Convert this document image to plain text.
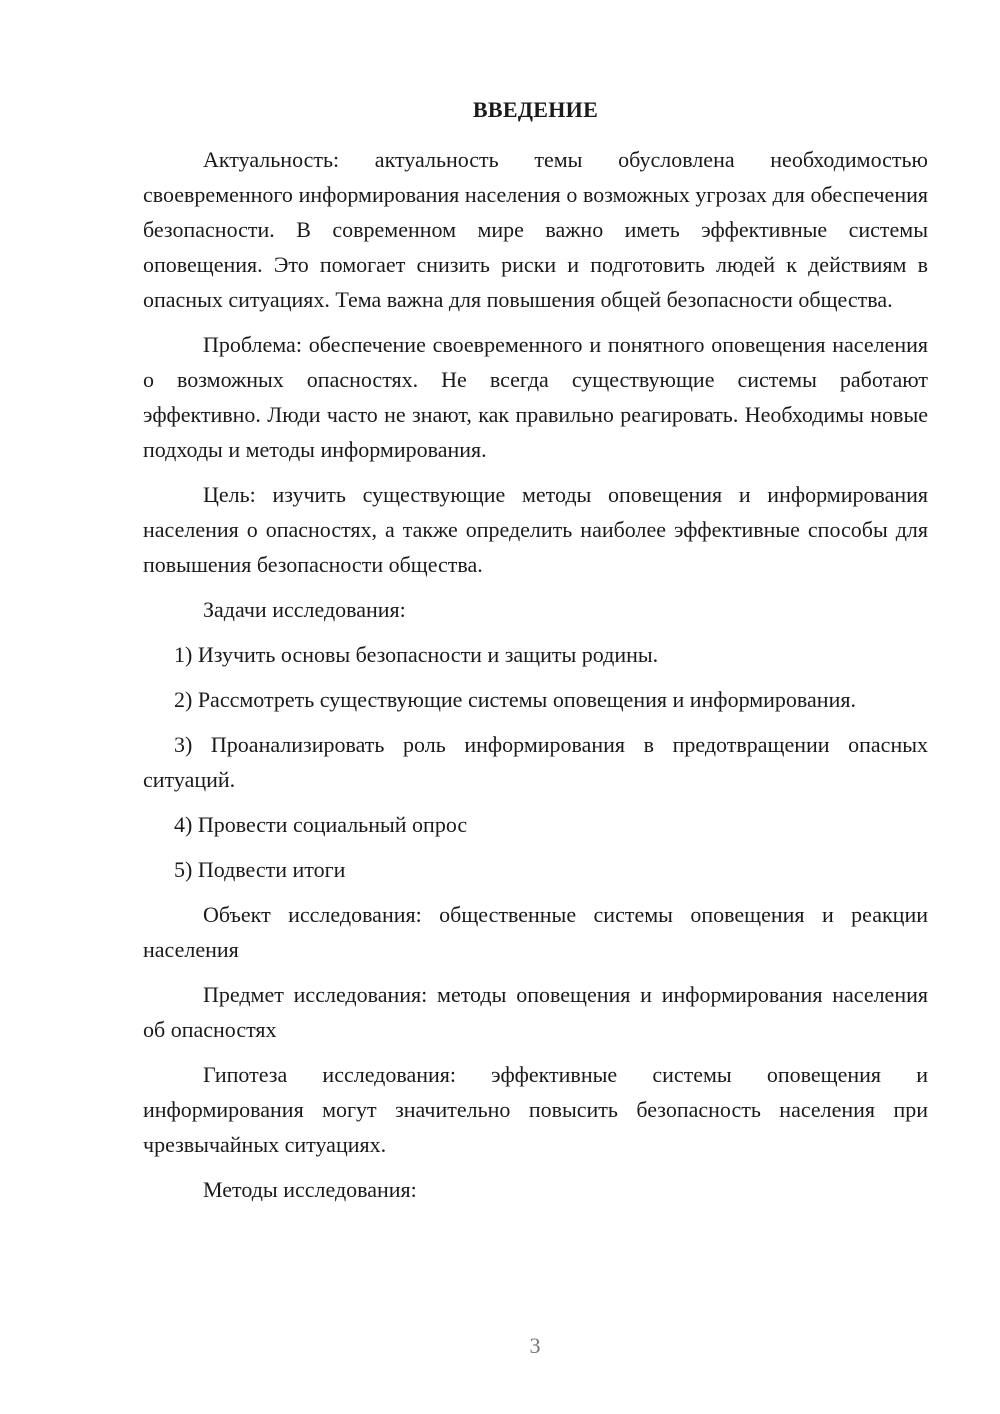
ВВЕДЕНИЕ

Актуальность: актуальность темы обусловлена необходимостью своевременного информирования населения о возможных угрозах для обеспечения безопасности. В современном мире важно иметь эффективные системы оповещения. Это помогает снизить риски и подготовить людей к действиям в опасных ситуациях. Тема важна для повышения общей безопасности общества.

Проблема: обеспечение своевременного и понятного оповещения населения о возможных опасностях. Не всегда существующие системы работают эффективно. Люди часто не знают, как правильно реагировать. Необходимы новые подходы и методы информирования.

Цель: изучить существующие методы оповещения и информирования населения о опасностях, а также определить наиболее эффективные способы для повышения безопасности общества.

Задачи исследования:

1) Изучить основы безопасности и защиты родины.

2) Рассмотреть существующие системы оповещения и информирования.

3) Проанализировать роль информирования в предотвращении опасных ситуаций.

4) Провести социальный опрос

5) Подвести итоги

Объект исследования: общественные системы оповещения и реакции населения

Предмет исследования: методы оповещения и информирования населения об опасностях

Гипотеза исследования: эффективные системы оповещения и информирования могут значительно повысить безопасность населения при чрезвычайных ситуациях.

Методы исследования:

3
